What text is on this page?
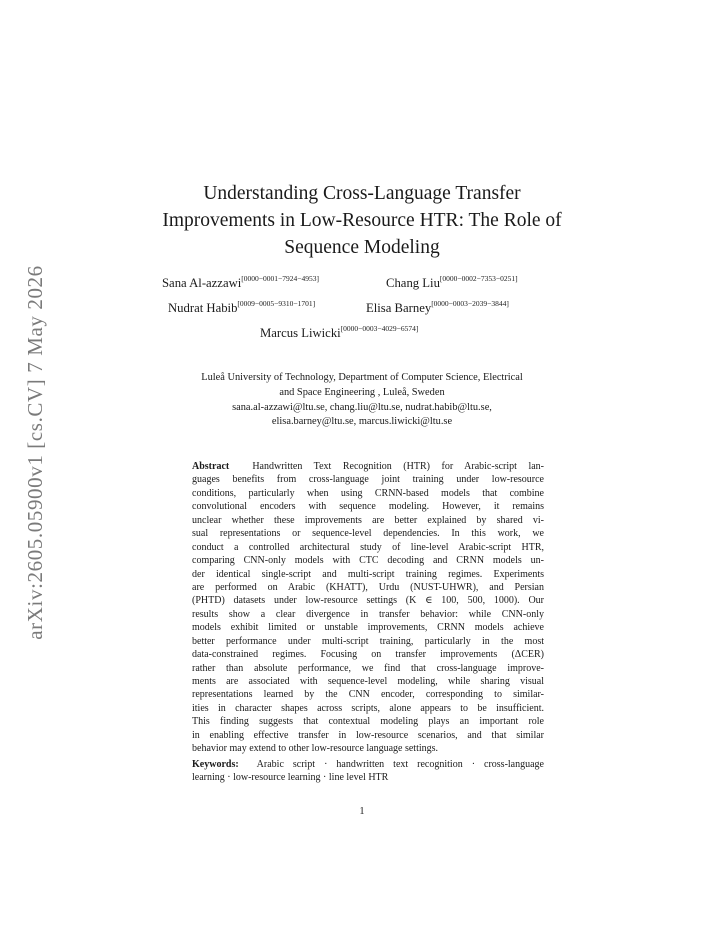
arXiv:2605.05900v1 [cs.CV] 7 May 2026
Understanding Cross-Language Transfer
Improvements in Low-Resource HTR: The Role of
Sequence Modeling
Sana Al-azzawi[0000−0001−7924−4953]	Chang Liu[0000−0002−7353−0251]
Nudrat Habib[0009−0005−9310−1701]	Elisa Barney[0000−0003−2039−3844]
Marcus Liwicki[0000−0003−4029−6574]
Luleå University of Technology, Department of Computer Science, Electrical
and Space Engineering , Luleå, Sweden
sana.al-azzawi@ltu.se, chang.liu@ltu.se, nudrat.habib@ltu.se,
elisa.barney@ltu.se, marcus.liwicki@ltu.se
Abstract Handwritten Text Recognition (HTR) for Arabic-script lan-
guages benefits from cross-language joint training under low-resource
conditions, particularly when using CRNN-based models that combine
convolutional encoders with sequence modeling. However, it remains
unclear whether these improvements are better explained by shared vi-
sual representations or sequence-level dependencies. In this work, we
conduct a controlled architectural study of line-level Arabic-script HTR,
comparing CNN-only models with CTC decoding and CRNN models un-
der identical single-script and multi-script training regimes. Experiments
are performed on Arabic (KHATT), Urdu (NUST-UHWR), and Persian
(PHTD) datasets under low-resource settings (K ∈ 100, 500, 1000). Our
results show a clear divergence in transfer behavior: while CNN-only
models exhibit limited or unstable improvements, CRNN models achieve
better performance under multi-script training, particularly in the most
data-constrained regimes. Focusing on transfer improvements (ΔCER)
rather than absolute performance, we find that cross-language improve-
ments are associated with sequence-level modeling, while sharing visual
representations learned by the CNN encoder, corresponding to similar-
ities in character shapes across scripts, alone appears to be insufficient.
This finding suggests that contextual modeling plays an important role
in enabling effective transfer in low-resource scenarios, and that similar
behavior may extend to other low-resource language settings.
Keywords: Arabic script · handwritten text recognition · cross-language
learning · low-resource learning · line level HTR
1
